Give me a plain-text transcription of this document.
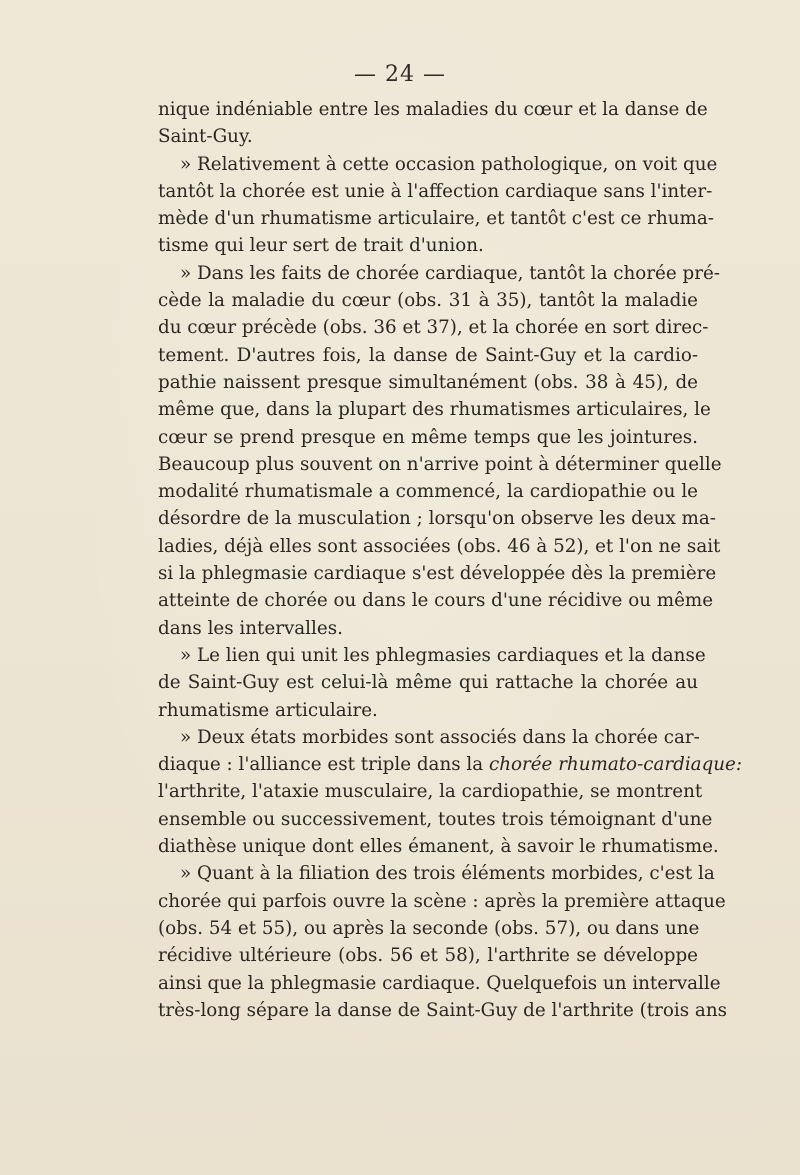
— 24 —
nique indéniable entre les maladies du cœur et la danse de
Saint-Guy.
» Relativement à cette occasion pathologique, on voit que
tantôt la chorée est unie à l'affection cardiaque sans l'inter-
mède d'un rhumatisme articulaire, et tantôt c'est ce rhuma-
tisme qui leur sert de trait d'union.
» Dans les faits de chorée cardiaque, tantôt la chorée pré-
cède la maladie du cœur (obs. 31 à 35), tantôt la maladie
du cœur précède (obs. 36 et 37), et la chorée en sort direc-
tement. D'autres fois, la danse de Saint-Guy et la cardio-
pathie naissent presque simultanément (obs. 38 à 45), de
même que, dans la plupart des rhumatismes articulaires, le
cœur se prend presque en même temps que les jointures.
Beaucoup plus souvent on n'arrive point à déterminer quelle
modalité rhumatismale a commencé, la cardiopathie ou le
désordre de la musculation ; lorsqu'on observe les deux ma-
ladies, déjà elles sont associées (obs. 46 à 52), et l'on ne sait
si la phlegmasie cardiaque s'est développée dès la première
atteinte de chorée ou dans le cours d'une récidive ou même
dans les intervalles.
» Le lien qui unit les phlegmasies cardiaques et la danse
de Saint-Guy est celui-là même qui rattache la chorée au
rhumatisme articulaire.
» Deux états morbides sont associés dans la chorée car-
diaque : l'alliance est triple dans la chorée rhumato-cardiaque:
l'arthrite, l'ataxie musculaire, la cardiopathie, se montrent
ensemble ou successivement, toutes trois témoignant d'une
diathèse unique dont elles émanent, à savoir le rhumatisme.
» Quant à la filiation des trois éléments morbides, c'est la
chorée qui parfois ouvre la scène : après la première attaque
(obs. 54 et 55), ou après la seconde (obs. 57), ou dans une
récidive ultérieure (obs. 56 et 58), l'arthrite se développe
ainsi que la phlegmasie cardiaque. Quelquefois un intervalle
très-long sépare la danse de Saint-Guy de l'arthrite (trois ans
